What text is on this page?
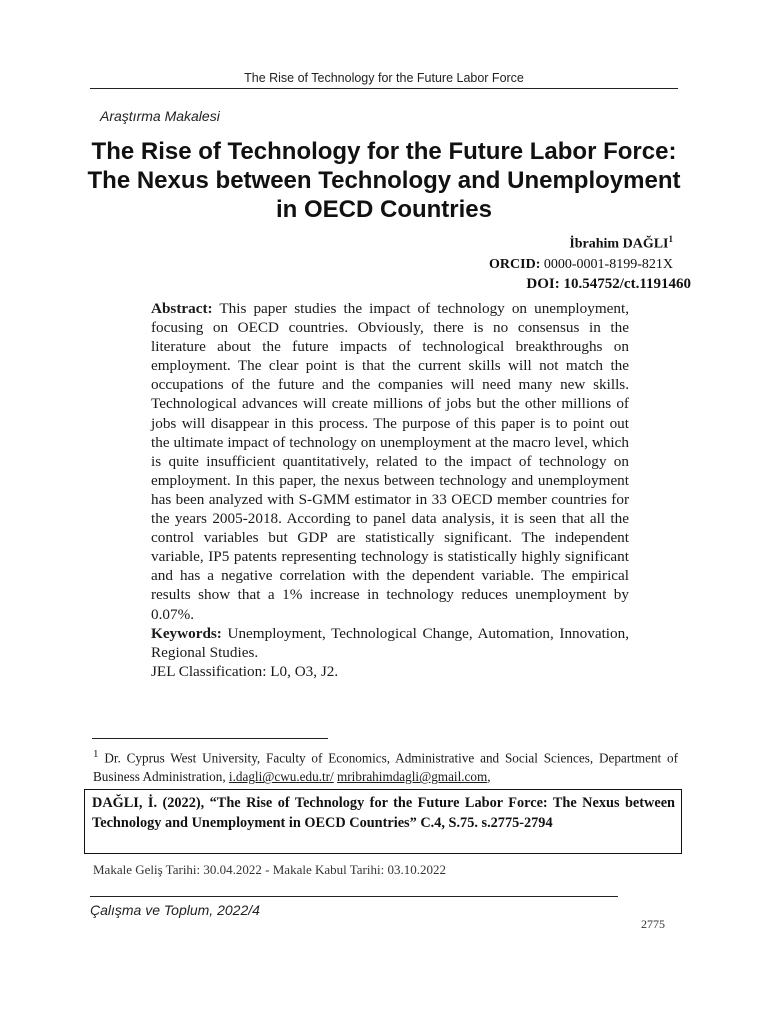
The Rise of Technology for the Future Labor Force
Araştırma Makalesi
The Rise of Technology for the Future Labor Force: The Nexus between Technology and Unemployment in OECD Countries
İbrahim DAĞLI$^1$
ORCID: 0000-0001-8199-821X
DOI: 10.54752/ct.1191460

Abstract: This paper studies the impact of technology on unemployment, focusing on OECD countries. Obviously, there is no consensus in the literature about the future impacts of technological breakthroughs on employment. The clear point is that the current skills will not match the occupations of the future and the companies will need many new skills. Technological advances will create millions of jobs but the other millions of jobs will disappear in this process. The purpose of this paper is to point out the ultimate impact of technology on unemployment at the macro level, which is quite insufficient quantitatively, related to the impact of technology on employment. In this paper, the nexus between technology and unemployment has been analyzed with S-GMM estimator in 33 OECD member countries for the years 2005-2018. According to panel data analysis, it is seen that all the control variables but GDP are statistically significant. The independent variable, IP5 patents representing technology is statistically highly significant and has a negative correlation with the dependent variable. The empirical results show that a 1% increase in technology reduces unemployment by 0.07%.

Keywords: Unemployment, Technological Change, Automation, Innovation, Regional Studies.

JEL Classification: L0, O3, J2.

$^1$ Dr. Cyprus West University, Faculty of Economics, Administrative and Social Sciences, Department of Business Administration, i.dagli@cwu.edu.tr/ mribrahimdagli@gmail.com,
DAĞLI, İ. (2022), “The Rise of Technology for the Future Labor Force: The Nexus between Technology and Unemployment in OECD Countries” C.4, S.75. s.2775-2794
Makale Geliş Tarihi: 30.04.2022 - Makale Kabul Tarihi: 03.10.2022
Çalışma ve Toplum, 2022/4
2775
